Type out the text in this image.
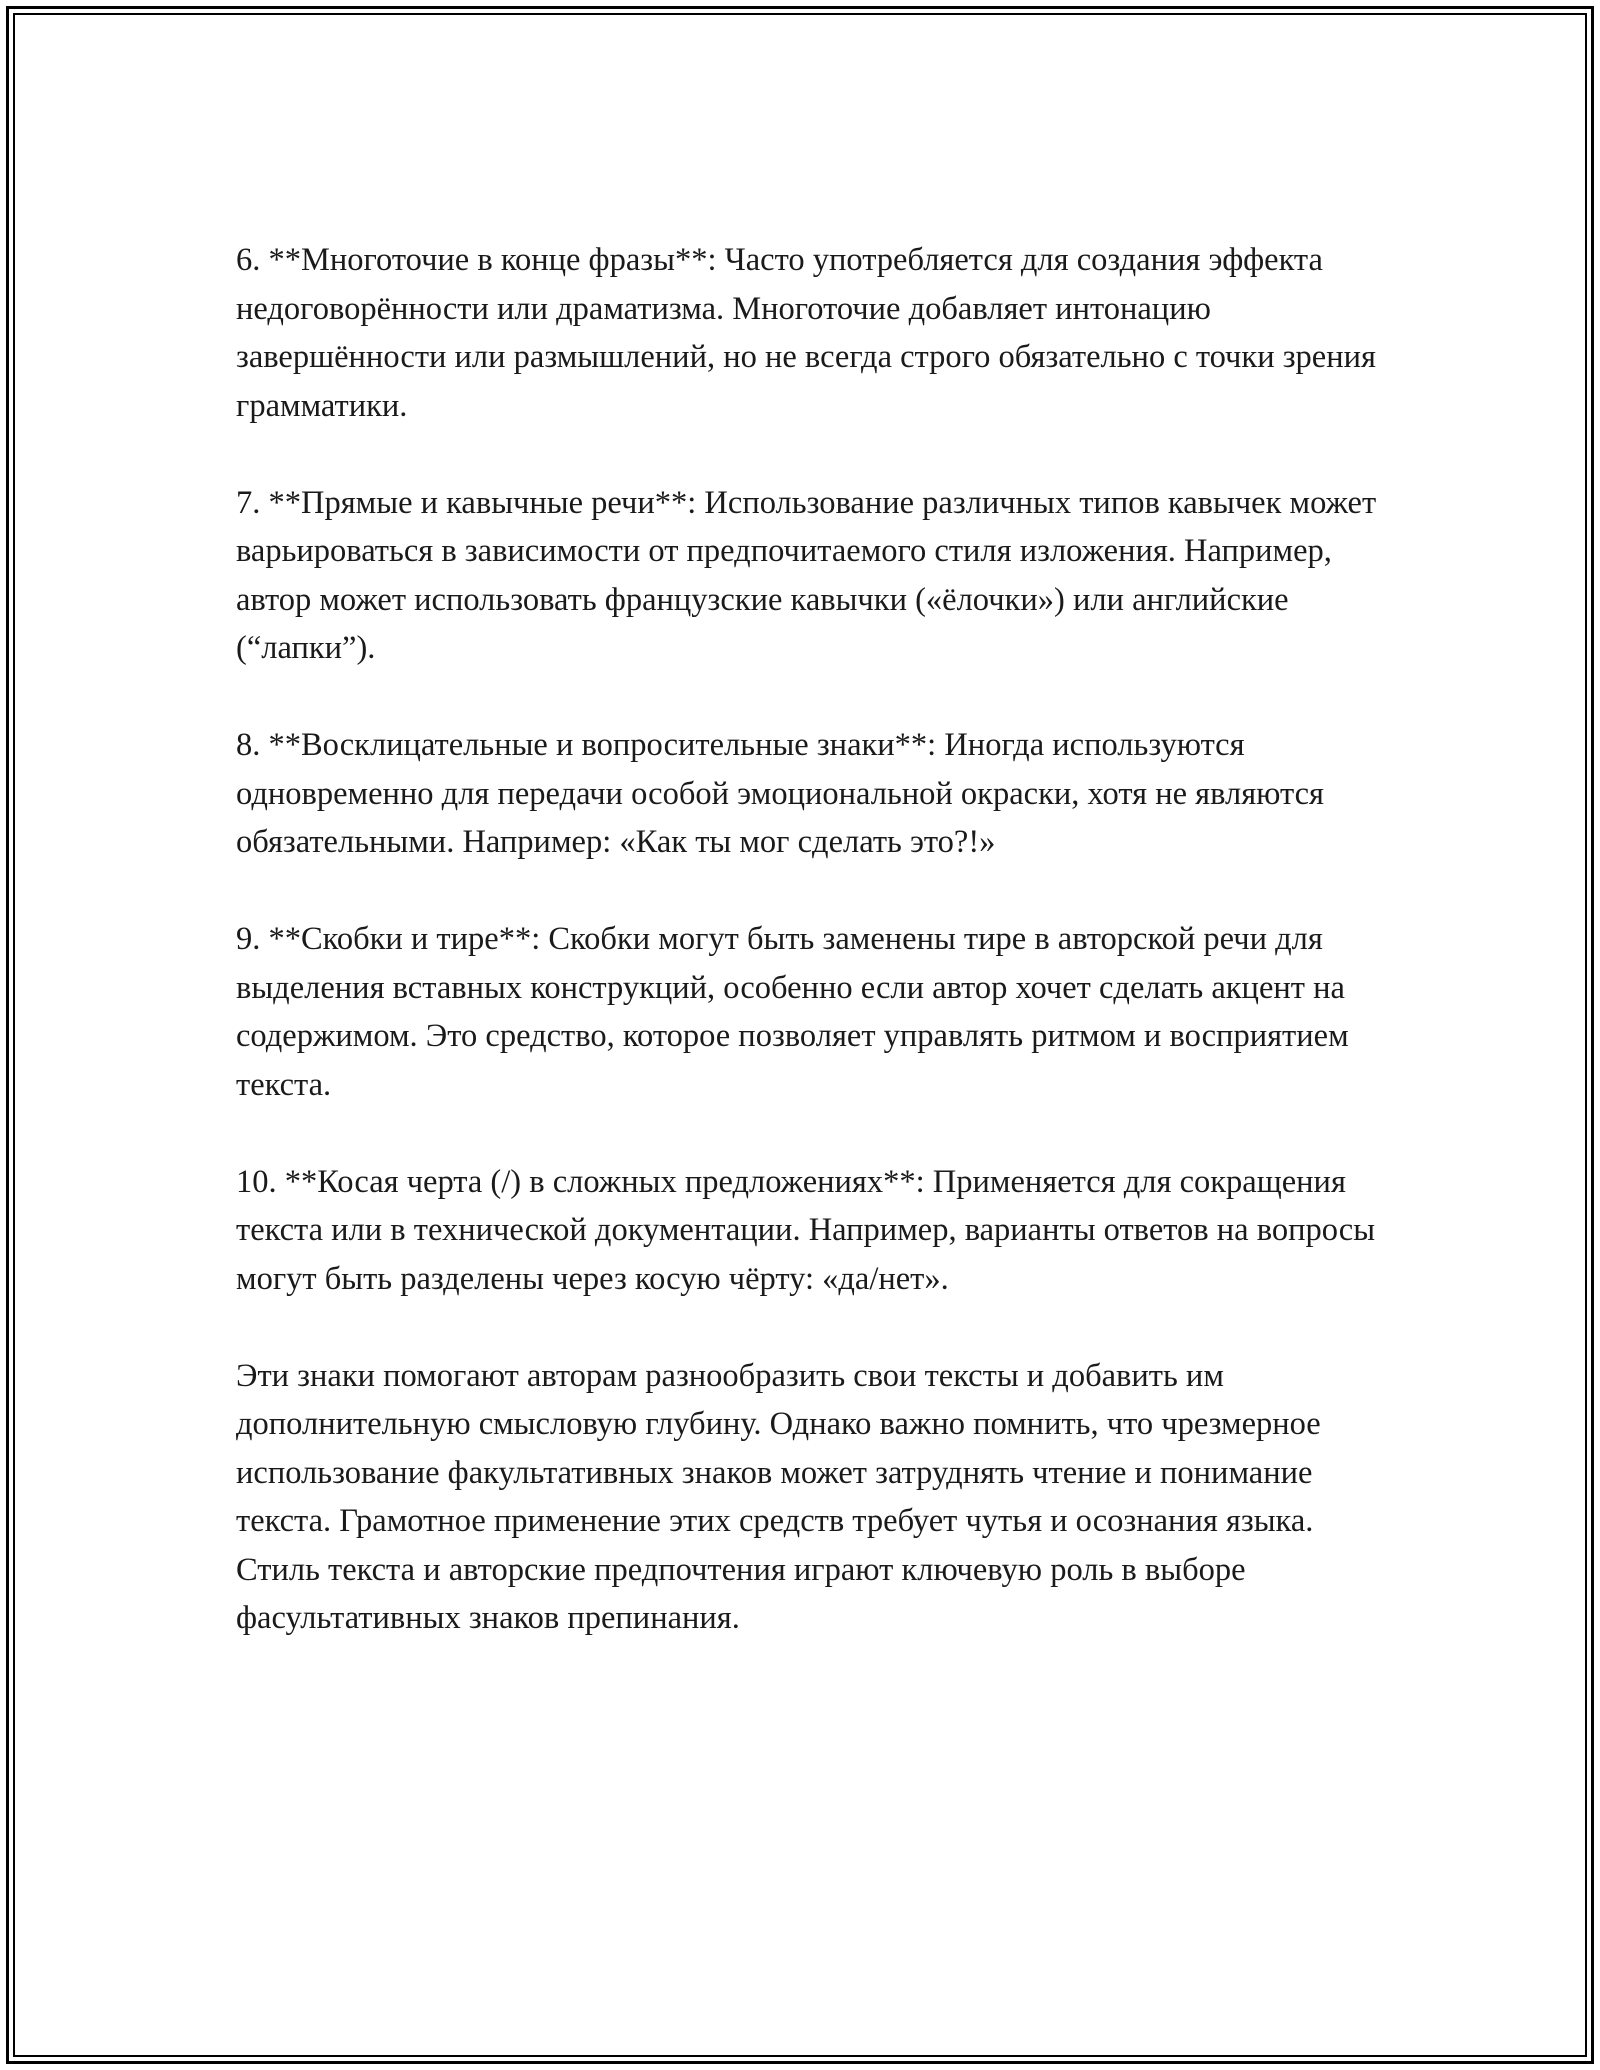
6. **Многоточие в конце фразы**: Часто употребляется для создания эффекта недоговорённости или драматизма. Многоточие добавляет интонацию завершённости или размышлений, но не всегда строго обязательно с точки зрения грамматики.

7. **Прямые и кавычные речи**: Использование различных типов кавычек может варьироваться в зависимости от предпочитаемого стиля изложения. Например, автор может использовать французские кавычки («ёлочки») или английские (“лапки”).

8. **Восклицательные и вопросительные знаки**: Иногда используются одновременно для передачи особой эмоциональной окраски, хотя не являются обязательными. Например: «Как ты мог сделать это?!»

9. **Скобки и тире**: Скобки могут быть заменены тире в авторской речи для выделения вставных конструкций, особенно если автор хочет сделать акцент на содержимом. Это средство, которое позволяет управлять ритмом и восприятием текста.

10. **Косая черта (/) в сложных предложениях**: Применяется для сокращения текста или в технической документации. Например, варианты ответов на вопросы могут быть разделены через косую чёрту: «да/нет».

Эти знаки помогают авторам разнообразить свои тексты и добавить им дополнительную смысловую глубину. Однако важно помнить, что чрезмерное использование факультативных знаков может затруднять чтение и понимание текста. Грамотное применение этих средств требует чутья и осознания языка. Стиль текста и авторские предпочтения играют ключевую роль в выборе фасультативных знаков препинания.
